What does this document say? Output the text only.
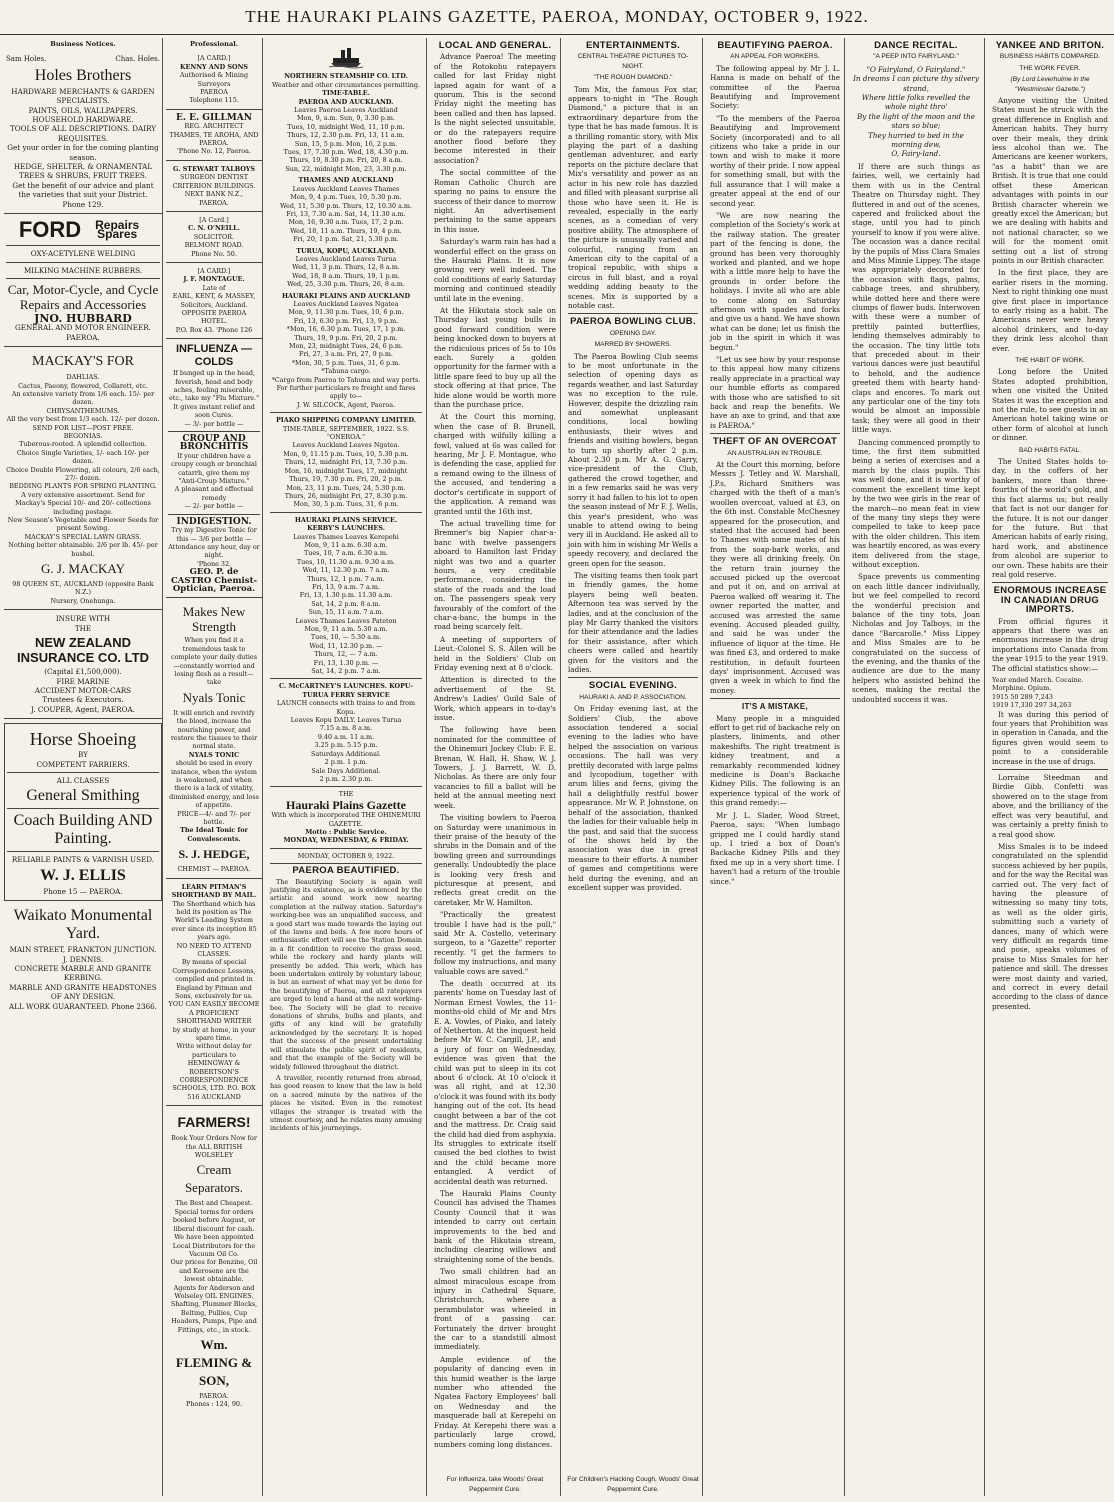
THE HAURAKI PLAINS GAZETTE, PAEROA, MONDAY, OCTOBER 9, 1922.
Business Notices.
Sam Holes.	Chas. Holes.
Holes Brothers
HARDWARE MERCHANTS & GARDEN SPECIALISTS.
PAINTS, OILS, WALLPAPERS.
HOUSEHOLD HARDWARE.
TOOLS OF ALL DESCRIPTIONS. DAIRY REQUISITES.
Get your order in for the coming planting season.
HEDGE, SHELTER, & ORNAMENTAL TREES & SHRUBS, FRUIT TREES.
Get the benefit of our advice and plant the varieties that suit your District.
Phone 129.
FORD	Repairs Spares
OXY-ACETYLENE WELDING
MILKING MACHINE RUBBERS.
Car, Motor-Cycle, and Cycle Repairs and Accessories
JNO. HUBBARD
GENERAL AND MOTOR ENGINEER.
PAEROA.
MACKAY'S FOR
DAHLIAS.
Cactus, Paeony, flowered, Collarett, etc.
An extensive variety from 1/6 each. 15/- per dozen.
CHRYSANTHEMUMS.
All the very best from 1/3 each. 12/- per dozen.
SEND FOR LIST—POST FREE.
BEGONIAS.
Tuberous-rooted. A splendid collection.
Choice Single Varieties, 1/- each 10/- per dozen.
Choice Double Flowering, all colours, 2/6 each, 27/- dozen.
BEDDING PLANTS FOR SPRING PLANTING.
A very extensive assortment. Send for Mackay's Special 10/- and 20/- collections including postage.
New Season's Vegetable and Flower Seeds for present Sowing.
MACKAY'S SPECIAL LAWN GRASS.
Nothing better obtainable. 2/6 per lb. 45/- per bushel.
G. J. MACKAY
98 QUEEN ST., AUCKLAND (opposite Bank N.Z.)
Nursery, Onehunga.
INSURE WITH
THE
NEW ZEALAND INSURANCE CO. LTD
(Capital £1,500,000).
FIRE MARINE
ACCIDENT MOTOR-CARS
Trustees & Executors.
J. COUPER, Agent, PAEROA.
Horse Shoeing
BY
COMPETENT FARRIERS.
ALL CLASSES
General Smithing
Coach Building AND Painting.
RELIABLE PAINTS & VARNISH USED.
W. J. ELLIS
Phone 15 — PAEROA.
Waikato Monumental Yard.
MAIN STREET, FRANKTON JUNCTION.
J. DENNIS.
CONCRETE MARBLE AND GRANITE KERBING.
MARBLE AND GRANITE HEADSTONES OF ANY DESIGN.
ALL WORK GUARANTEED. Phone 2366.
Professional.
[A CARD.]
KENNY AND SONS
Authorised & Mining Surveyors
PAEROA
Telephone 115.
E. E. GILLMAN
REG. ARCHITECT
THAMES, TE AROHA, AND PAEROA.
'Phone No. 12, Paeroa.
G. STEWART TALBOYS
SURGEON DENTIST
CRITERION BUILDINGS.
NEXT BANK N.Z.,
PAEROA.
[A Card.]
C. N. O'NEILL.
SOLICITOR.
BELMONT ROAD.
Phone No. 50.
[A CARD.]
J. F. MONTAGUE.
Late of
EARL, KENT, & MASSEY, Solicitors, Auckland.
OPPOSITE PAEROA HOTEL.
P.O. Box 43. 'Phone 126
INFLUENZA — COLDS
If bunged up in the head, feverish, head and body aches, feeling miserable, etc., take my "Flu Mixture."
It gives instant relief and soon Cures.
— 3/- per bottle —
CROUP AND BRONCHITIS
If your children have a croupy cough or bronchial catarrh, give them my "Anti-Croup Mixture."
A pleasant and effectual remedy
— 2/- per bottle —
INDIGESTION.
Try my Digestive Tonic for this — 3/6 per bottle —
Attendance any hour, day or night.
'Phone 32.
GEO. P. de CASTRO Chemist-Optician, Paeroa.
Makes New Strength
When you find it a tremendous task to complete your daily duties—constantly worried and losing flesh as a result—take
Nyals Tonic
It will enrich and revivify the blood, increase the nourishing power, and restore the tissues to their normal state.
NYALS TONIC
should be used in every instance, when the system is weakened, and when there is a lack of vitality, diminished energy, and loss of appetite.
PRICE—4/- and 7/- per bottle.
The Ideal Tonic for Convalescents.
S. J. HEDGE,
CHEMIST — PAEROA.
LEARN PITMAN'S SHORTHAND BY MAIL.
The Shorthand which has held its position as The World's Leading System ever since its inception 85 years ago.
NO NEED TO ATTEND CLASSES.
By means of special Correspondence Lessons, compiled and printed in England by Pitman and Sons, exclusively for us.
YOU CAN EASILY BECOME A PROFICIENT SHORTHAND WRITER
by study at home, in your spare time.
Write without delay for particulars to
HEMINGWAY & ROBERTSON'S CORRESPONDENCE SCHOOLS, LTD. P.O. BOX 516 AUCKLAND
FARMERS!
Book Your Orders Now for the ALL BRITISH WOLSELEY
Cream Separators.
The Best and Cheapest.
Special terms for orders booked before August, or liberal discount for cash.
We have been appointed Local Distributors for the Vacuum Oil Co.
Our prices for Benzine, Oil and Kerosene are the lowest obtainable.
Agents for Anderson and Wolseley OIL ENGINES.
Shafting, Plummer Blocks, Belting, Pullies, Cup Headers, Pumps, Pipe and Fittings, etc., in stock.
Wm. FLEMING & SON,
PAEROA.
Phones : 124, 90.
NORTHERN STEAMSHIP CO. LTD.
Weather and other circumstances permitting.
TIME-TABLE.
PAEROA AND AUCKLAND.
Leaves Paeroa Leaves Auckland
Mon, 9, a.m. Sun, 9, 3.30 p.m.
Tues, 10, midnight Wed, 11, 10 p.m.
Thurs, 12, 2.30 p.m. Fri, 13, 11 a.m.
Sun, 15, 5 p.m. Mon, 16, 2 p.m.
Tues, 17, 7.30 p.m. Wed, 18, 4.30 p.m.
Thurs, 19, 8.30 p.m. Fri, 20, 8 a.m.
Sun, 22, midnight Mon, 23, 3.30 p.m.
THAMES AND AUCKLAND
Leaves Auckland Leaves Thames
Mon, 9, 4 p.m. Tues, 10, 5.30 p.m.
Wed, 11, 5.30 p.m. Thurs, 12, 10.30 a.m.
Fri, 13, 7.30 a.m. Sat, 14, 11.30 a.m.
Mon, 16, 9.30 a.m. Tues, 17, 2 p.m.
Wed, 18, 11 a.m. Thurs, 19, 4 p.m.
Fri, 20, 1 p.m. Sat, 21, 5.30 p.m.
TURUA, KOPU, AUCKLAND.
Leaves Auckland Leaves Turua
Wed, 11, 3 p.m. Thurs, 12, 8 a.m.
Wed, 18, 8 a.m. Thurs, 19, 1 p.m.
Wed, 25, 3.30 p.m. Thurs, 26, 8 a.m.
HAURAKI PLAINS AND AUCKLAND
Leaves Auckland Leaves Ngatea
Mon, 9, 11.30 p.m. Tues, 10, 6 p.m.
Fri, 13, 6.30 p.m. Fri, 13, 9 p.m.
*Mon, 16, 6.30 p.m. Tues, 17, 1 p.m.
Thurs, 19, 9 p.m. Fri, 20, 2 p.m.
Mon, 23, midnight Tues, 24, 6 p.m.
Fri, 27, 3 a.m. Fri, 27, 9 p.m.
*Mon, 30, 5 p.m. Tues, 31, 6 p.m.
*Tahuna cargo.
*Cargo from Paeroa to Tahuna and way ports.
For further particulars re freight and fares apply to—
J. W. SILCOCK, Agent, Paeroa.
PIAKO SHIPPING COMPANY LIMITED.
TIME-TABLE, SEPTEMBER, 1922. S.S. "ONEROA."
Leaves Auckland Leaves Ngatea.
Mon, 9, 11.15 p.m. Tues, 10, 5.30 p.m.
Thurs, 12, midnight Fri, 13, 7.30 p.m.
Mon, 16, midnight Tues, 17, midnight
Thurs, 19, 7.30 p.m. Fri, 20, 2 p.m.
Mon, 23, 11 p.m. Tues, 24, 5.30 p.m.
Thurs, 26, midnight Fri, 27, 8.30 p.m.
Mon, 30, 5 p.m. Tues, 31, 6 p.m.
HAURAKI PLAINS SERVICE.
KERBY'S LAUNCHES.
Leaves Thames Leaves Kerepehi
Mon, 9, 11 a.m. 6.30 a.m.
Tues, 10, 7 a.m. 6.30 a.m.
Tues, 10, 11.30 a.m. 9.30 a.m.
Wed, 11, 12.30 p.m. 7 a.m.
Thurs, 12, 1 p.m. 7 a.m.
Fri, 13, 9 a.m. 7 a.m.
Fri, 13, 1.30 p.m. 11.30 a.m.
Sat, 14, 2 p.m. 8 a.m.
Sun, 15, 11 a.m. 7 a.m.
Leaves Thames Leaves Pateton
Mon, 9, 11 a.m. 5.30 a.m.
Tues, 10, — 5.30 a.m.
Wed, 11, 12.30 p.m. —
Thurs, 12, — 7 a.m.
Fri, 13, 1.30 p.m. —
Sat, 14, 2 p.m. 7 a.m.
C. McCARTNEY'S LAUNCHES. KOPU-TURUA FERRY SERVICE
LAUNCH connects with trains to and from Kopu.
Leaves Kopu DAILY. Leaves Turua
7.15 a.m. 8 a.m.
9.40 a.m. 11 a.m.
3.25 p.m. 5.15 p.m.
Saturdays Additional.
2 p.m. 1 p.m.
Sale Days Additional.
2 p.m. 2.30 p.m.
THE
Hauraki Plains Gazette
With which is incorporated THE OHINEMURI GAZETTE.
Motto : Public Service.
MONDAY, WEDNESDAY, & FRIDAY.
MONDAY, OCTOBER 9, 1922.
PAEROA BEAUTIFIED.

The Beautifying Society is again well justifying its existence, as is evidenced by the artistic and sound work now nearing completion at the railway station. Saturday's working-bee was an unqualified success, and a good start was made towards the laying out of the lawns and beds. A few more hours of enthusiastic effort will see the Station Domain in a fit condition to receive the grass seed, while the rockery and hardy plants will presently be added. This work, which has been undertaken entirely by voluntary labour, is but an earnest of what may yet be done for the beautifying of Paeroa, and all ratepayers are urged to lend a hand at the next working-bee. The Society will be glad to receive donations of shrubs, bulbs and plants, and gifts of any kind will be gratefully acknowledged by the secretary. It is hoped that the success of the present undertaking will stimulate the public spirit of residents, and that the example of the Society will be widely followed throughout the district.

A traveller, recently returned from abroad, has good reason to know that the law is held on a sacred minute by the natives of the places he visited. Even in the remotest villages the stranger is treated with the utmost courtesy, and he relates many amusing incidents of his journeyings.

LOCAL AND GENERAL.

Advance Paeroa! The meeting of the Rotokohu ratepayers called for last Friday night lapsed again for want of a quorum. This is the second Friday night the meeting has been called and then has lapsed. Is the night selected unsuitable, or do the ratepayers require another flood before they become interested in their association?

The social committee of the Roman Catholic Church are sparing no pains to ensure the success of their dance to morrow night. An advertisement pertaining to the same appears in this issue.

Saturday's warm rain has had a wonderful effect on the grass on the Hauraki Plains. It is now growing very well indeed. The cold conditions of early Saturday morning and continued steadily until late in the evening.

At the Hikutaia stock sale on Thursday last young bulls in good forward condition were being knocked down to buyers at the ridiculous prices of 5s to 10s each. Surely a golden opportunity for the farmer with a little spare feed to buy up all the stock offering at that price. The hide alone would be worth more than the purchase price.

At the Court this morning, when the case of B. Brunell, charged with wilfully killing a fowl, valued at 6s was called for hearing, Mr J. F. Montague, who is defending the case, applied for a remand owing to the illness of the accused, and tendering a doctor's certificate in support of the application. A remand was granted until the 16th inst.

The actual travelling time for Bremner's big Napier char-a-banc with twelve passengers aboard to Hamilton last Friday night was two and a quarter hours, a very creditable performance, considering the state of the roads and the load on. The passengers speak very favourably of the comfort of the char-a-banc, the bumps in the road being scarcely felt.

A meeting of supporters of Lieut.-Colonel S. S. Allen will be held in the Soldiers' Club on Friday evening next at 8 o'clock.

Attention is directed to the advertisement of the St. Andrew's Ladies' Guild Sale of Work, which appears in to-day's issue.

The following have been nominated for the committee of the Ohinemuri Jockey Club: F. E. Brenan, W. Hall, H. Shaw, W. J. Towers, J. J. Barrett, W. D. Nicholas. As there are only four vacancies to fill a ballot will be held at the annual meeting next week.

The visiting bowlers to Paeroa on Saturday were unanimous in their praise of the beauty of the shrubs in the Domain and of the bowling green and surroundings generally. Undoubtedly the place is looking very fresh and picturesque at present, and reflects great credit on the caretaker, Mr W. Hamilton.

"Practically the greatest trouble I have had is the pull," said Mr A. Costello, veterinary surgeon, to a "Gazette" reporter recently. "I get the farmers to follow my instructions, and many valuable cows are saved."

The death occurred at its parents' home on Tuesday last of Norman Ernest Vowles, the 11-months-old child of Mr and Mrs E. A. Vowles, of Piako, and lately of Netherton. At the inquest held before Mr W. C. Cargill, J.P., and a jury of four on Wednesday, evidence was given that the child was put to sleep in its cot about 6 o'clock. At 10 o'clock it was all right, and at 12.30 o'clock it was found with its body hanging out of the cot. Its head caught between a bar of the cot and the mattress. Dr. Craig said the child had died from asphyxia. Its struggles to extricate itself caused the bed clothes to twist and the child became more entangled. A verdict of accidental death was returned.

The Hauraki Plains County Council has advised the Thames County Council that it was intended to carry out certain improvements to the bed and bank of the Hikutaia stream, including clearing willows and straightening some of the bends.

Two small children had an almost miraculous escape from injury in Cathedral Square, Christchurch, where a perambulator was wheeled in front of a passing car. Fortunately the driver brought the car to a standstill almost immediately.

Ample evidence of the popularity of dancing even in this humid weather is the large number who attended the Ngatea Factory Employees' ball on Wednesday and the masquerade ball at Kerepehi on Friday. At Kerepehi there was a particularly large crowd, numbers coming long distances.

For Influenza, take Woods' Great Peppermint Cure.
ENTERTAINMENTS.
CENTRAL THEATRE PICTURES TO-NIGHT.
"THE ROUGH DIAMOND."

Tom Mix, the famous Fox star, appears to-night in "The Rough Diamond," a picture that is an extraordinary departure from the type that he has made famous. It is a thrilling romantic story, with Mix playing the part of a dashing gentleman adventurer, and early reports on the picture declare that Mix's versatility and power as an actor in his new role has dazzled and filled with pleasant surprise all those who have seen it. He is revealed, especially in the early scenes, as a comedian of very positive ability. The atmosphere of the picture is unusually varied and colourful, ranging from an American city to the capital of a tropical republic, with ships a circus in full blast, and a royal wedding adding beauty to the scenes. Mix is supported by a notable cast.

PAEROA BOWLING CLUB.
OPENING DAY.
MARRED BY SHOWERS.

The Paeroa Bowling Club seems to be most unfortunate in the selection of opening days as regards weather, and last Saturday was no exception to the rule. However, despite the drizzling rain and somewhat unpleasant conditions, local bowling enthusiasts, their wives and friends and visiting bowlers, began to turn up shortly after 2 p.m. About 2.30 p.m. Mr A. G. Garry, vice-president of the Club, gathered the crowd together, and in a few remarks said he was very sorry it had fallen to his lot to open the season instead of Mr F. J. Wells, this year's president, who was unable to attend owing to being very ill in Auckland. He asked all to join with him in wishing Mr Wells a speedy recovery, and declared the green open for the season.

The visiting teams then took part in friendly games, the home players being well beaten. Afternoon tea was served by the ladies, and at the conclusion of the play Mr Garry thanked the visitors for their attendance and the ladies for their assistance, after which cheers were called and heartily given for the visitors and the ladies.

SOCIAL EVENING.
HAURAKI A. AND P. ASSOCIATION.

On Friday evening last, at the Soldiers' Club, the above association tendered a social evening to the ladies who have helped the association on various occasions. The hall was very prettily decorated with large palms and lycopodium, together with arum lilies and ferns, giving the hall a delightfully restful bower appearance. Mr W. P. Johnstone, on behalf of the association, thanked the ladies for their valuable help in the past, and said that the success of the shows held by the association was due in great measure to their efforts. A number of games and competitions were held during the evening, and an excellent supper was provided.

For Children's Hacking Cough, Woods' Great Peppermint Cure.
BEAUTIFYING PAEROA.
AN APPEAL FOR WORKERS.

The following appeal by Mr J. L. Hanna is made on behalf of the committee of the Paeroa Beautifying and Improvement Society:

"To the members of the Paeroa Beautifying and Improvement Society (incorporated) and to all citizens who take a pride in our town and wish to make it more worthy of their pride. I now appeal for something small, but with the full assurance that I will make a greater appeal at the end of our second year.

"We are now nearing the completion of the Society's work at the railway station. The greater part of the fencing is done, the ground has been very thoroughly worked and planted, and we hope with a little more help to have the grounds in order before the holidays. I invite all who are able to come along on Saturday afternoon with spades and forks and give us a hand. We have shown what can be done; let us finish the job in the spirit in which it was begun."

"Let us see how by your response to this appeal how many citizens really appreciate in a practical way our humble efforts as compared with those who are satisfied to sit back and reap the benefits. We have an axe to grind, and that axe is PAEROA."

THEFT OF AN OVERCOAT
AN AUSTRALIAN IN TROUBLE.

At the Court this morning, before Messrs J. Tetley and W. Marshall, J.P.s, Richard Smithers was charged with the theft of a man's woollen overcoat, valued at £3, on the 6th inst. Constable McChesney appeared for the prosecution, and stated that the accused had been to Thames with some mates of his from the soap-bark works, and they were all drinking freely. On the return train journey the accused picked up the overcoat and put it on, and on arrival at Paeroa walked off wearing it. The owner reported the matter, and accused was arrested the same evening. Accused pleaded guilty, and said he was under the influence of liquor at the time. He was fined £3, and ordered to make restitution, in default fourteen days' imprisonment. Accused was given a week in which to find the money.

IT'S A MISTAKE,

Many people in a misguided effort to get rid of backache rely on plasters, liniments, and other makeshifts. The right treatment is kidney treatment, and a remarkably recommended kidney medicine is Doan's Backache Kidney Pills. The following is an experience typical of the work of this grand remedy:—

Mr J. L. Slader, Wood Street, Paeroa, says: "When lumbago gripped me I could hardly stand up. I tried a box of Doan's Backache Kidney Pills and they fixed me up in a very short time. I haven't had a return of the trouble since."

DANCE RECITAL.
"A PEEP INTO FAIRYLAND."
"O Fairyland, O Fairyland."
In dreams I can picture thy silvery strand,
Where little folks revelled the whole night thro'
By the light of the moon and the stars so blue;
They hurried to bed in the morning dew,
O, Fairy-land.

If there are such things as fairies, well, we certainly had them with us in the Central Theatre on Thursday night. They fluttered in and out of the scenes, capered and frolicked about the stage, until you had to pinch yourself to know if you were alive. The occasion was a dance recital by the pupils of Miss Clara Smales and Miss Minnie Lippey. The stage was appropriately decorated for the occasion with flags, palms, cabbage trees, and shrubbery, while dotted here and there were clumps of flower buds. Interwoven with these were a number of prettily painted butterflies, lending themselves admirably to the occasion. The tiny little tots that preceded about in their various dances were just beautiful to behold, and the audience greeted them with hearty hand-claps and encores. To mark out any particular one of the tiny tots would be almost an impossible task; they were all good in their little ways.

Dancing commenced promptly to time, the first item submitted being a series of exercises and a march by the class pupils. This was well done, and it is worthy of comment the excellent time kept by the two wee girls in the rear of the march—no mean feat in view of the many tiny steps they were compelled to take to keep pace with the older children. This item was heartily encored, as was every item delivered from the stage, without exception.

Space prevents us commenting on each little dancer individually, but we feel compelled to record the wonderful precision and balance of the tiny tots, Joan Nicholas and Joy Talboys, in the dance "Barcarolle." Miss Lippey and Miss Smales are to be congratulated on the success of the evening, and the thanks of the audience are due to the many helpers who assisted behind the scenes, making the recital the undoubted success it was.

YANKEE AND BRITON.
BUSINESS HABITS COMPARED.
THE WORK FEVER.
(By Lord Leverhulme in the "Westminster Gazette.")

Anyone visiting the United States must be struck with the great difference in English and American habits. They hurry over their meals, they drink less alcohol than we. The Americans are keener workers, "as a habit" than we are British. It is true that one could offset these American advantages with points in our British character wherein we greatly excel the American; but we are dealing with habits and not national character, so we will for the moment omit setting out a list of strong points in our British character.

In the first place, they are earlier risers in the morning. Next to right thinking one must give first place in importance to early rising as a habit. The Americans never were heavy alcohol drinkers, and to-day they drink less alcohol than ever.

THE HABIT OF WORK.

Long before the United States adopted prohibition, when one visited the United States it was the exception and not the rule, to see guests in an American hotel taking wine or other form of alcohol at lunch or dinner.

BAD HABITS FATAL.

The United States holds to-day, in the coffers of her bankers, more than three-fourths of the world's gold, and this fact alarms us; but really that fact is not our danger for the future. It is not our danger for the future. But that American habits of early rising, hard work, and abstinence from alcohol are superior to our own. These habits are their real gold reserve.

ENORMOUS INCREASE IN CANADIAN DRUG IMPORTS.

From official figures it appears that there was an enormous increase in the drug importations into Canada from the year 1915 to the year 1919. The official statistics show:—

Year ended March. Cocaine. Morphine. Opium.
1915 50 289 7,243
1919 17,330 297 34,263

It was during this period of four years that Prohibition was in operation in Canada, and the figures given would seem to point to a considerable increase in the use of drugs.

Lorraine Steedman and Birdie Gibb. Confetti was showered on to the stage from above, and the brilliancy of the effect was very beautiful, and was certainly a pretty finish to a real good show.

Miss Smales is to be indeed congratulated on the splendid success achieved by her pupils, and for the way the Recital was carried out. The very fact of having the pleasure of witnessing so many tiny tots, as well as the older girls, submitting such a variety of dances, many of which were very difficult as regards time and pose, speaks volumes of praise to Miss Smales for her patience and skill. The dresses were most dainty and varied, and correct in every detail according to the class of dance presented.
